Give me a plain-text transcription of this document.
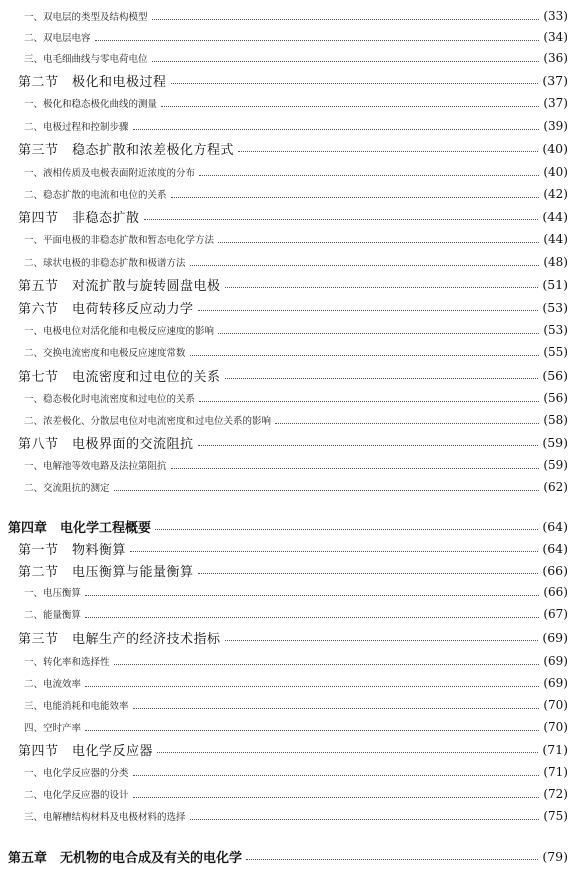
一、双电层的类型及结构模型	(33)
二、双电层电容	(34)
三、电毛细曲线与零电荷电位	(36)
第二节　极化和电极过程	(37)
一、极化和稳态极化曲线的测量	(37)
二、电极过程和控制步骤	(39)
第三节　稳态扩散和浓差极化方程式	(40)
一、液相传质及电极表面附近浓度的分布	(40)
二、稳态扩散的电流和电位的关系	(42)
第四节　非稳态扩散	(44)
一、平面电极的非稳态扩散和暂态电化学方法	(44)
二、球状电极的非稳态扩散和极谱方法	(48)
第五节　对流扩散与旋转圆盘电极	(51)
第六节　电荷转移反应动力学	(53)
一、电极电位对活化能和电极反应速度的影响	(53)
二、交换电流密度和电极反应速度常数	(55)
第七节　电流密度和过电位的关系	(56)
一、稳态极化时电流密度和过电位的关系	(56)
二、浓差极化、分散层电位对电流密度和过电位关系的影响	(58)
第八节　电极界面的交流阻抗	(59)
一、电解池等效电路及法拉第阻抗	(59)
二、交流阻抗的测定	(62)
第四章　电化学工程概要	(64)
第一节　物料衡算	(64)
第二节　电压衡算与能量衡算	(66)
一、电压衡算	(66)
二、能量衡算	(67)
第三节　电解生产的经济技术指标	(69)
一、转化率和选择性	(69)
二、电流效率	(69)
三、电能消耗和电能效率	(70)
四、空时产率	(70)
第四节　电化学反应器	(71)
一、电化学反应器的分类	(71)
二、电化学反应器的设计	(72)
三、电解槽结构材料及电极材料的选择	(75)
第五章　无机物的电合成及有关的电化学	(79)
